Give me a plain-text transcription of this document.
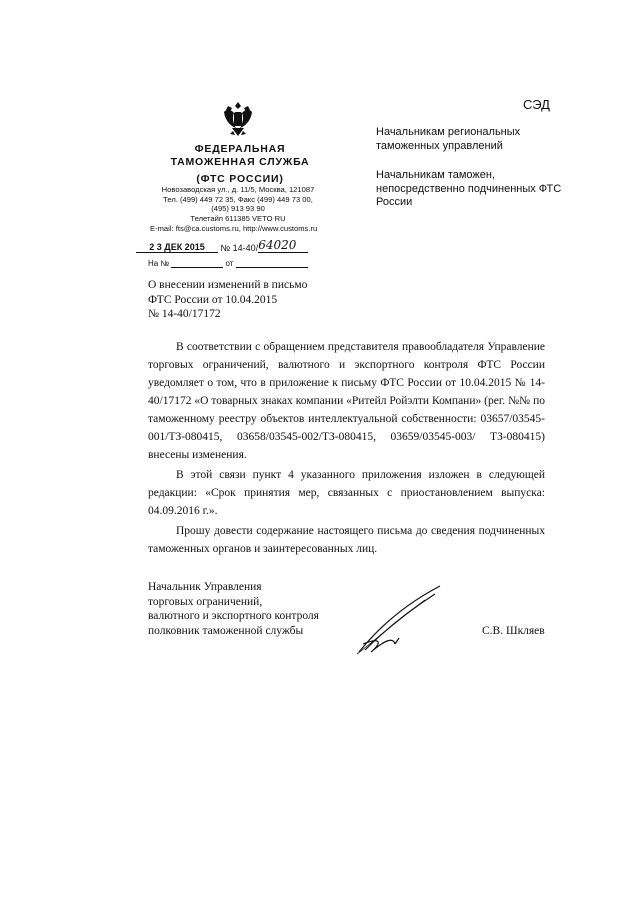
ФЕДЕРАЛЬНАЯ
ТАМОЖЕННАЯ СЛУЖБА
(ФТС РОССИИ)
Новозаводская ул., д. 11/5, Москва, 121087
Тел. (499) 449 72 35, Факс (499) 449 73 00,
(495) 913 93 90
Телетайп 611385 VETO RU
E-mail: fts@ca.customs.ru, http://www.customs.ru
СЭД

Начальникам региональных таможенных управлений

Начальникам таможен, непосредственно подчиненных ФТС России

2 3 ДЕК 2015 № 14-40/64020
На №	от
О внесении изменений в письмо
ФТС России от 10.04.2015
№ 14-40/17172

В соответствии с обращением представителя правообладателя Управление торговых ограничений, валютного и экспортного контроля ФТС России уведомляет о том, что в приложение к письму ФТС России от 10.04.2015 № 14-40/17172 «О товарных знаках компании «Ритейл Ройэлти Компани» (рег. №№ по таможенному реестру объектов интеллектуальной собственности: 03657/03545-001/ТЗ-080415, 03658/03545-002/ТЗ-080415, 03659/03545-003/ ТЗ-080415) внесены изменения.

В этой связи пункт 4 указанного приложения изложен в следующей редакции: «Срок принятия мер, связанных с приостановлением выпуска: 04.09.2016 г.».

Прошу довести содержание настоящего письма до сведения подчиненных таможенных органов и заинтересованных лиц.

Начальник Управления
торговых ограничений,
валютного и экспортного контроля
полковник таможенной службы	С.В. Шкляев
